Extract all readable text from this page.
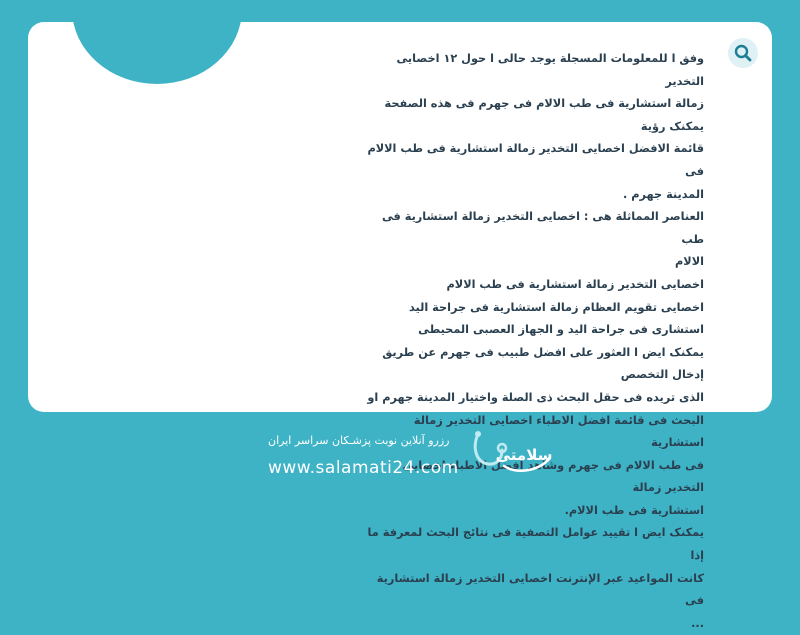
وفق ا للمعلومات المسجلة یوجد حالی ا حول ۱۲ اخصایی التخدیر

زمالة استشاریة فی طب الالام فی جهرم فی هذه الصفحة یمکنک رؤیة

قائمة الافضل اخصایی التخدیر زمالة استشاریة فی طب الالام فی

المدینة جهرم .

العناصر المماثلة هی : اخصایی التخدیر زمالة استشاریة فی طب

الالام

اخصایی التخدیر زمالة استشاریة فی طب الالام

اخصایی تقویم العظام زمالة استشاریة فی جراحة الید

استشاری فی جراحة الید و الجهاز العصبی المحیطی

یمکنک ایض ا العثور علی افضل طبیب فی جهرم عن طریق إدخال التخصص

الذی تریده فی حقل البحث ذی الصلة واختیار المدینة جهرم او

البحث فی قائمة افضل الاطباء اخصایی التخدیر زمالة استشاریة

فی طب الالام فی جهرم وشاهد افضل الاطباء اخصایی التخدیر زمالة

استشاریة فی طب الالام.

یمکنک ایض ا تقیید عوامل التصفیة فی نتائج البحث لمعرفة ما إذا

کانت المواعید عبر الإنترنت اخصایی التخدیر زمالة استشاریة فی

...

رزرو آنلاین نوبت پزشـکان سراسر ایران
www.salamati24.com
سلامتی
